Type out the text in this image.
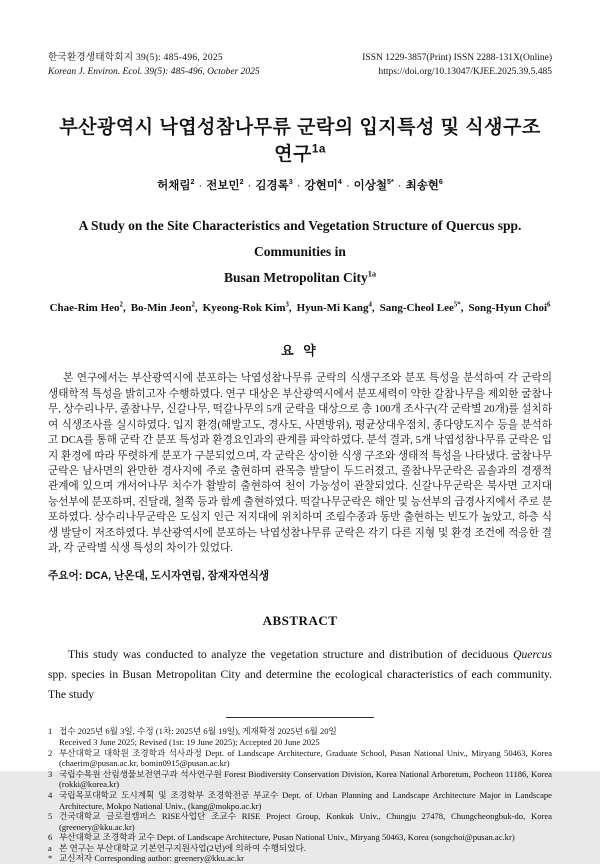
한국환경생태학회지 39(5): 485-496, 2025
Korean J. Environ. Ecol. 39(5): 485-496, October 2025
ISSN 1229-3857(Print) ISSN 2288-131X(Online)
https://doi.org/10.13047/KJEE.2025.39.5.485
부산광역시 낙엽성참나무류 군락의 입지특성 및 식생구조 연구$^{1a}$
허채림$^2$ · 전보민$^2$ · 김경록$^3$ · 강현미$^4$ · 이상철$^{5*}$ · 최송현$^6$
A Study on the Site Characteristics and Vegetation Structure of Quercus spp. Communities in
Busan Metropolitan City$^{1a}$
Chae-Rim Heo$^2$, Bo-Min Jeon$^2$, Kyeong-Rok Kim$^3$, Hyun-Mi Kang$^4$, Sang-Cheol Lee$^{5*}$, Song-Hyun Choi$^6$
요 약

본 연구에서는 부산광역시에 분포하는 낙엽성참나무류 군락의 식생구조와 분포 특성을 분석하여 각 군락의 생태학적 특성을 밝히고자 수행하였다. 연구 대상은 부산광역시에서 분포세력이 약한 갈참나무을 제외한 굴참나무, 상수리나무, 졸참나무, 신갈나무, 떡갈나무의 5개 군락을 대상으로 총 100개 조사구(각 군락별 20개)를 설치하여 식생조사를 실시하였다. 입지 환경(해발고도, 경사도, 사면방위), 평균상대우점치, 종다양도지수 등을 분석하고 DCA를 통해 군락 간 분포 특성과 환경요인과의 관계를 파악하였다. 분석 결과, 5개 낙엽성참나무류 군락은 입지 환경에 따라 뚜렷하게 분포가 구분되었으며, 각 군락은 상이한 식생 구조와 생태적 특성을 나타냈다. 굴참나무군락은 남사면의 완만한 경사지에 주로 출현하며 관목층 발달이 두드러졌고, 졸참나무군락은 곰솔과의 경쟁적 관계에 있으며 개서어나무 치수가 활발히 출현하여 천이 가능성이 관찰되었다. 신갈나무군락은 북사면 고지대 능선부에 분포하며, 진달래, 철쭉 등과 함께 출현하였다. 떡갈나무군락은 해안 및 능선부의 급경사지에서 주로 분포하였다. 상수리나무군락은 도심지 인근 저지대에 위치하며 조림수종과 동반 출현하는 빈도가 높았고, 하층 식생 발달이 저조하였다. 부산광역시에 분포하는 낙엽성참나무류 군락은 각기 다른 지형 및 환경 조건에 적응한 결과, 각 군락별 식생 특성의 차이가 있었다.

주요어: DCA, 난온대, 도시자연림, 잠재자연식생
ABSTRACT

This study was conducted to analyze the vegetation structure and distribution of deciduous Quercus spp. species in Busan Metropolitan City and determine the ecological characteristics of each community. The study

1 접수 2025년 6월 3일, 수정 (1차: 2025년 6월 19일), 게재확정 2025년 6월 20일
Received 3 June 2025; Revised (1st: 19 June 2025); Accepted 20 June 2025
2 부산대학교 대학원 조경학과 석사과정 Dept. of Landscape Architecture, Graduate School, Pusan National Univ., Miryang 50463, Korea (chaerim@pusan.ac.kr, bomin0915@pusan.ac.kr)
3 국립수목원 산림생물보전연구과 석사연구원 Forest Biodiversity Conservation Division, Korea National Arboretum, Pocheon 11186, Korea (rokki@korea.kr)
4 국립목포대학교 도시계획 및 조경학부 조경학전공 부교수 Dept. of Urban Planning and Landscape Architecture Major in Landscape Architecture, Mokpo National Univ., (kang@mokpo.ac.kr)
5 건국대학교 글로컬캠퍼스 RISE사업단 조교수 RISE Project Group, Konkuk Univ., Chungju 27478, Chungcheongbuk-do, Korea (greenery@kku.ac.kr)
6 부산대학교 조경학과 교수 Dept. of Landscape Architecture, Pusan National Univ., Miryang 50463, Korea (songchoi@pusan.ac.kr)
a 본 연구는 부산대학교 기본연구지원사업(2년)에 의하여 수행되었다.
* 교신저자 Corresponding author: greenery@kku.ac.kr
